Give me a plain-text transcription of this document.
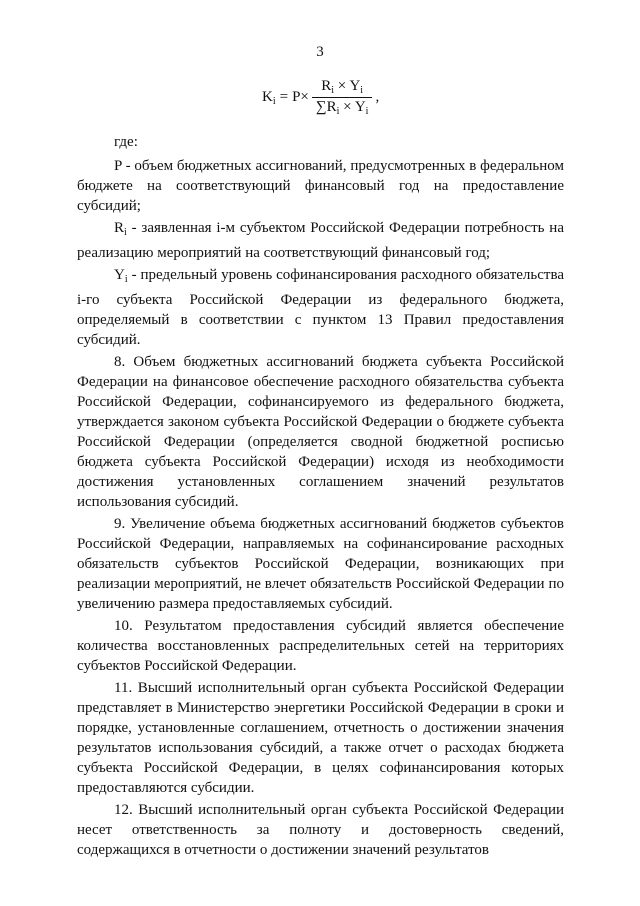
3
$K_i = P\times \frac{R_i \times Y_i}{\sum R_i \times Y_i}$ ,

где:

P - объем бюджетных ассигнований, предусмотренных в федеральном бюджете на соответствующий финансовый год на предоставление субсидий;

$R_i$ - заявленная i-м субъектом Российской Федерации потребность на реализацию мероприятий на соответствующий финансовый год;

$Y_i$ - предельный уровень софинансирования расходного обязательства i-го субъекта Российской Федерации из федерального бюджета, определяемый в соответствии с пунктом 13 Правил предоставления субсидий.

8. Объем бюджетных ассигнований бюджета субъекта Российской Федерации на финансовое обеспечение расходного обязательства субъекта Российской Федерации, софинансируемого из федерального бюджета, утверждается законом субъекта Российской Федерации о бюджете субъекта Российской Федерации (определяется сводной бюджетной росписью бюджета субъекта Российской Федерации) исходя из необходимости достижения установленных соглашением значений результатов использования субсидий.

9. Увеличение объема бюджетных ассигнований бюджетов субъектов Российской Федерации, направляемых на софинансирование расходных обязательств субъектов Российской Федерации, возникающих при реализации мероприятий, не влечет обязательств Российской Федерации по увеличению размера предоставляемых субсидий.

10. Результатом предоставления субсидий является обеспечение количества восстановленных распределительных сетей на территориях субъектов Российской Федерации.

11. Высший исполнительный орган субъекта Российской Федерации представляет в Министерство энергетики Российской Федерации в сроки и порядке, установленные соглашением, отчетность о достижении значения результатов использования субсидий, а также отчет о расходах бюджета субъекта Российской Федерации, в целях софинансирования которых предоставляются субсидии.

12. Высший исполнительный орган субъекта Российской Федерации несет ответственность за полноту и достоверность сведений, содержащихся в отчетности о достижении значений результатов
